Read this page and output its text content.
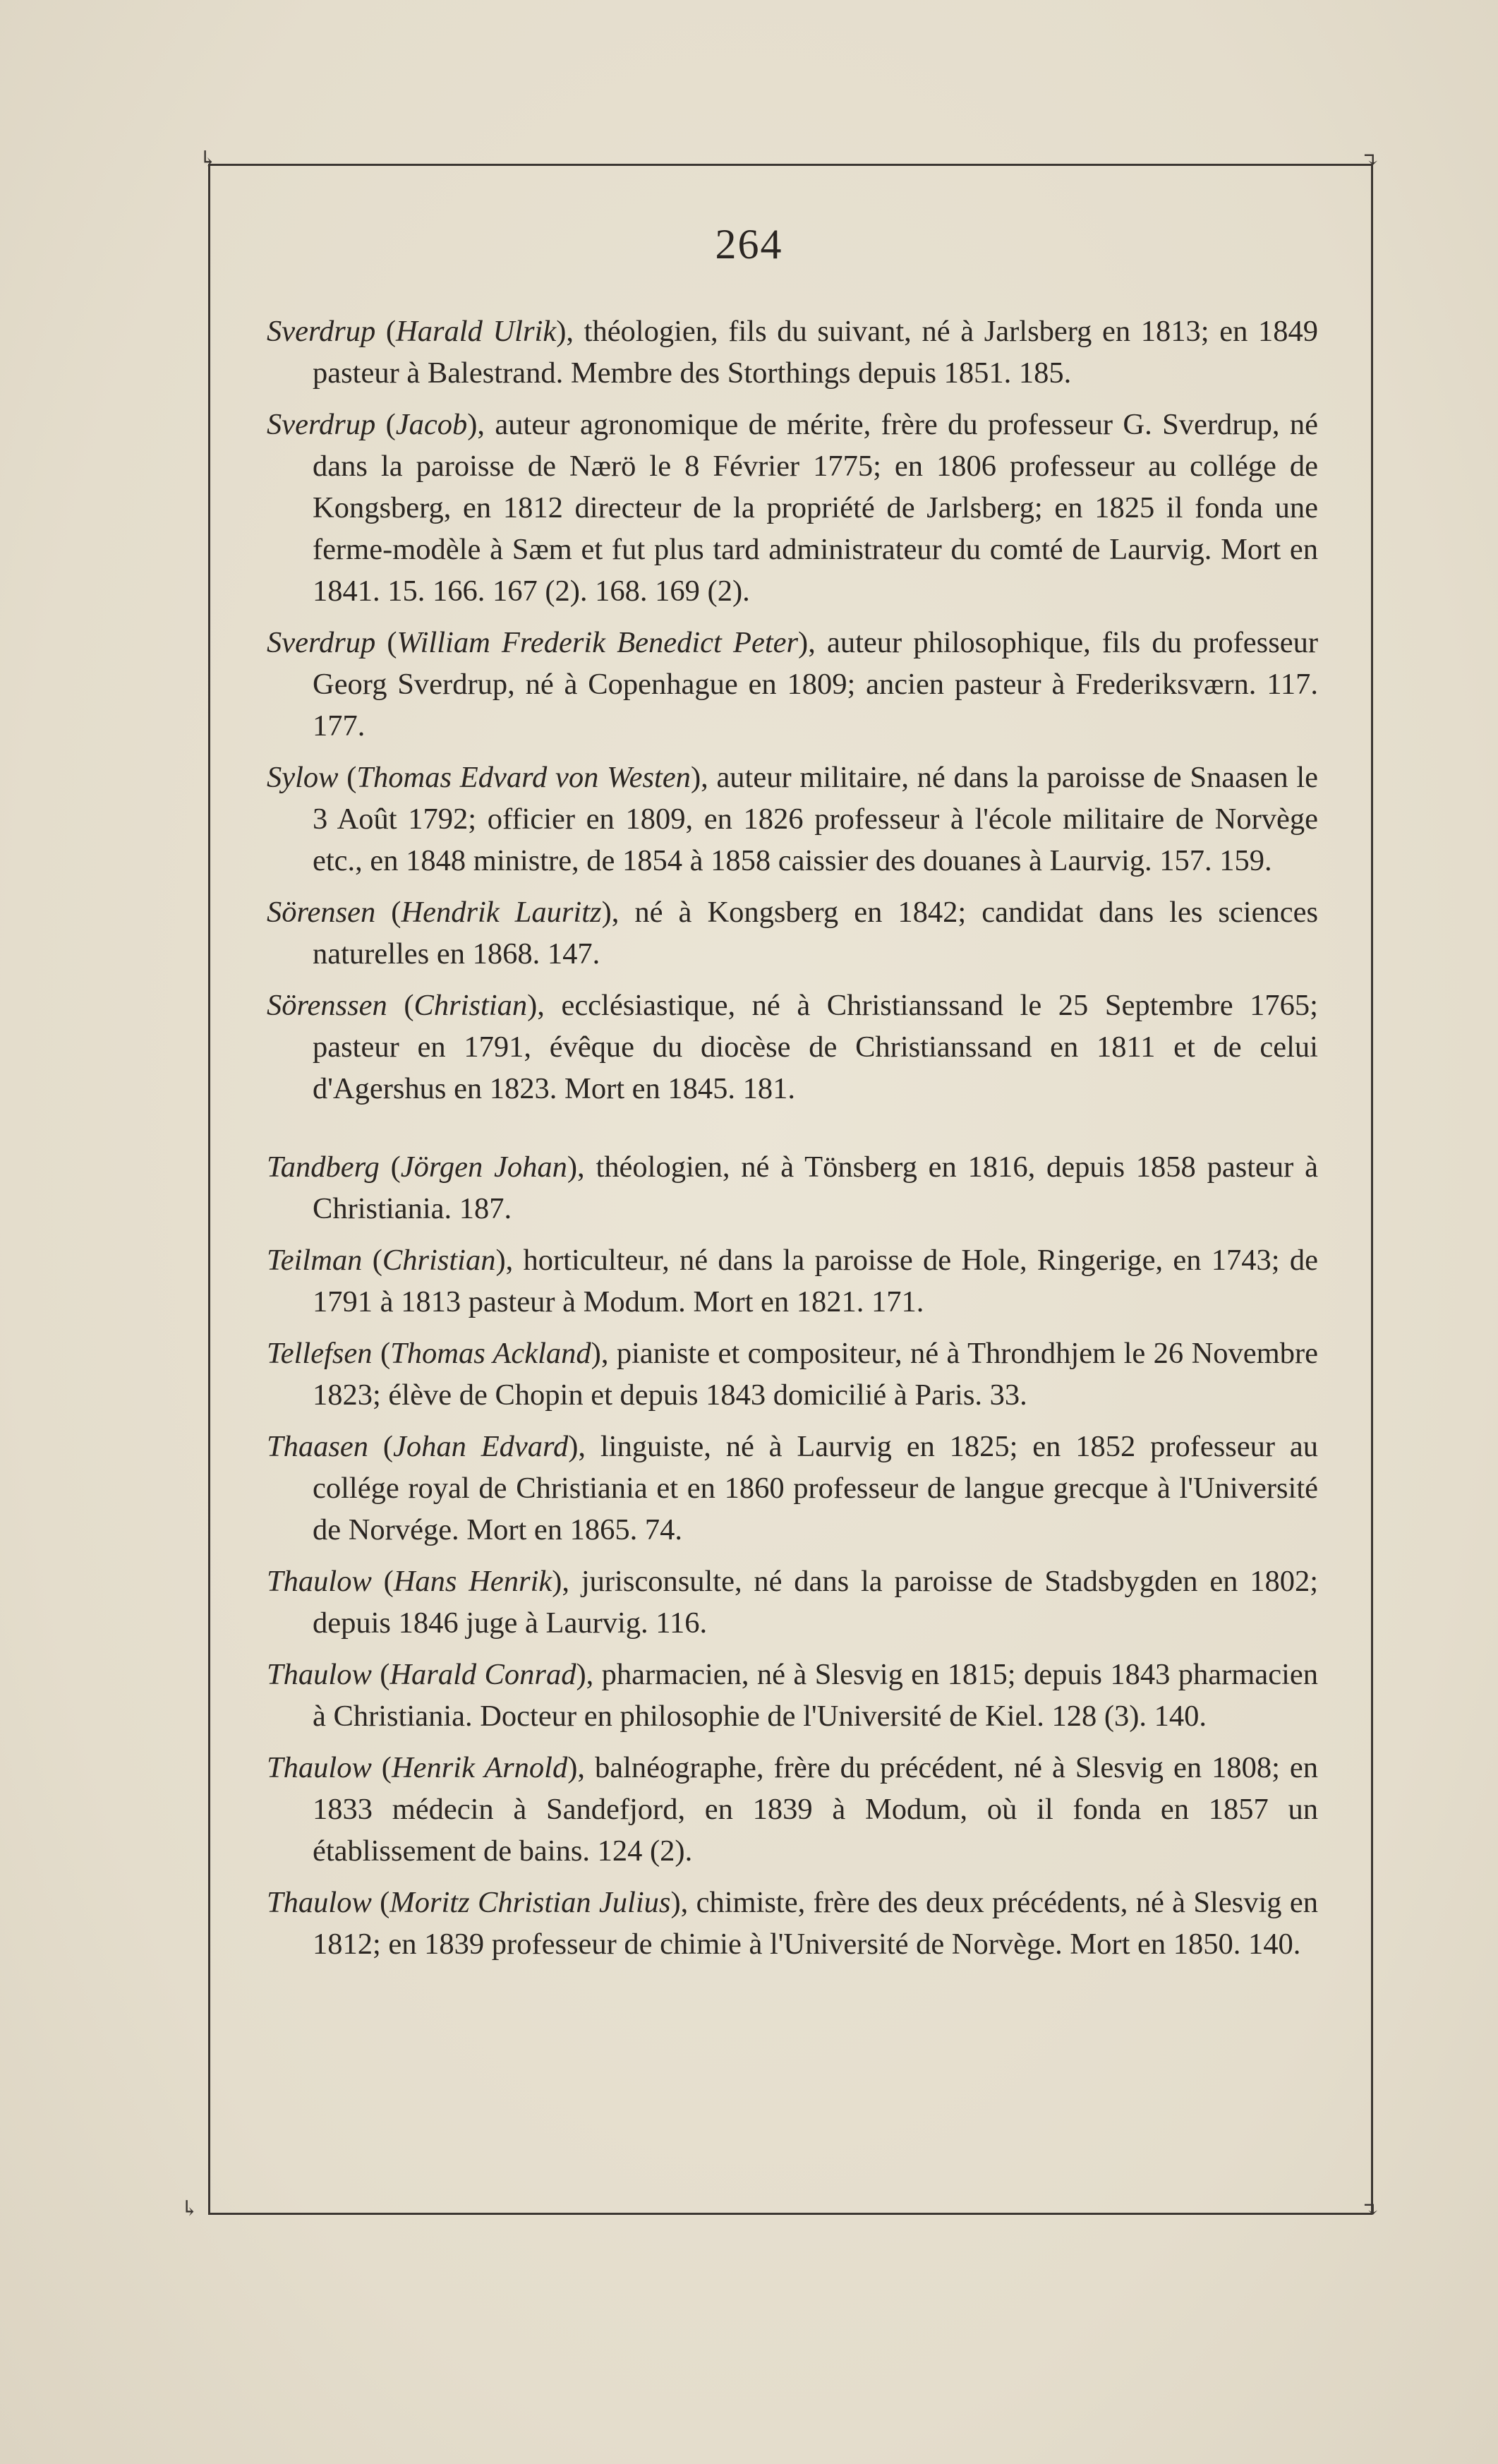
↳	↴
↳	↴
264

Sverdrup (Harald Ulrik), théologien, fils du suivant, né à Jarlsberg en 1813; en 1849 pasteur à Balestrand. Membre des Storthings depuis 1851. 185.

Sverdrup (Jacob), auteur agronomique de mérite, frère du professeur G. Sverdrup, né dans la paroisse de Nærö le 8 Février 1775; en 1806 professeur au collége de Kongsberg, en 1812 directeur de la propriété de Jarlsberg; en 1825 il fonda une ferme-modèle à Sæm et fut plus tard administrateur du comté de Laurvig. Mort en 1841. 15. 166. 167 (2). 168. 169 (2).

Sverdrup (William Frederik Benedict Peter), auteur philosophique, fils du professeur Georg Sverdrup, né à Copenhague en 1809; ancien pasteur à Frederiksværn. 117. 177.

Sylow (Thomas Edvard von Westen), auteur militaire, né dans la paroisse de Snaasen le 3 Août 1792; officier en 1809, en 1826 professeur à l'école militaire de Norvège etc., en 1848 ministre, de 1854 à 1858 caissier des douanes à Laurvig. 157. 159.

Sörensen (Hendrik Lauritz), né à Kongsberg en 1842; candidat dans les sciences naturelles en 1868. 147.

Sörenssen (Christian), ecclésiastique, né à Christianssand le 25 Septembre 1765; pasteur en 1791, évêque du diocèse de Christianssand en 1811 et de celui d'Agershus en 1823. Mort en 1845. 181.

Tandberg (Jörgen Johan), théologien, né à Tönsberg en 1816, depuis 1858 pasteur à Christiania. 187.

Teilman (Christian), horticulteur, né dans la paroisse de Hole, Ringerige, en 1743; de 1791 à 1813 pasteur à Modum. Mort en 1821. 171.

Tellefsen (Thomas Ackland), pianiste et compositeur, né à Throndhjem le 26 Novembre 1823; élève de Chopin et depuis 1843 domicilié à Paris. 33.

Thaasen (Johan Edvard), linguiste, né à Laurvig en 1825; en 1852 professeur au collége royal de Christiania et en 1860 professeur de langue grecque à l'Université de Norvége. Mort en 1865. 74.

Thaulow (Hans Henrik), jurisconsulte, né dans la paroisse de Stadsbygden en 1802; depuis 1846 juge à Laurvig. 116.

Thaulow (Harald Conrad), pharmacien, né à Slesvig en 1815; depuis 1843 pharmacien à Christiania. Docteur en philosophie de l'Université de Kiel. 128 (3). 140.

Thaulow (Henrik Arnold), balnéographe, frère du précédent, né à Slesvig en 1808; en 1833 médecin à Sandefjord, en 1839 à Modum, où il fonda en 1857 un établissement de bains. 124 (2).

Thaulow (Moritz Christian Julius), chimiste, frère des deux précédents, né à Slesvig en 1812; en 1839 professeur de chimie à l'Université de Norvège. Mort en 1850. 140.
